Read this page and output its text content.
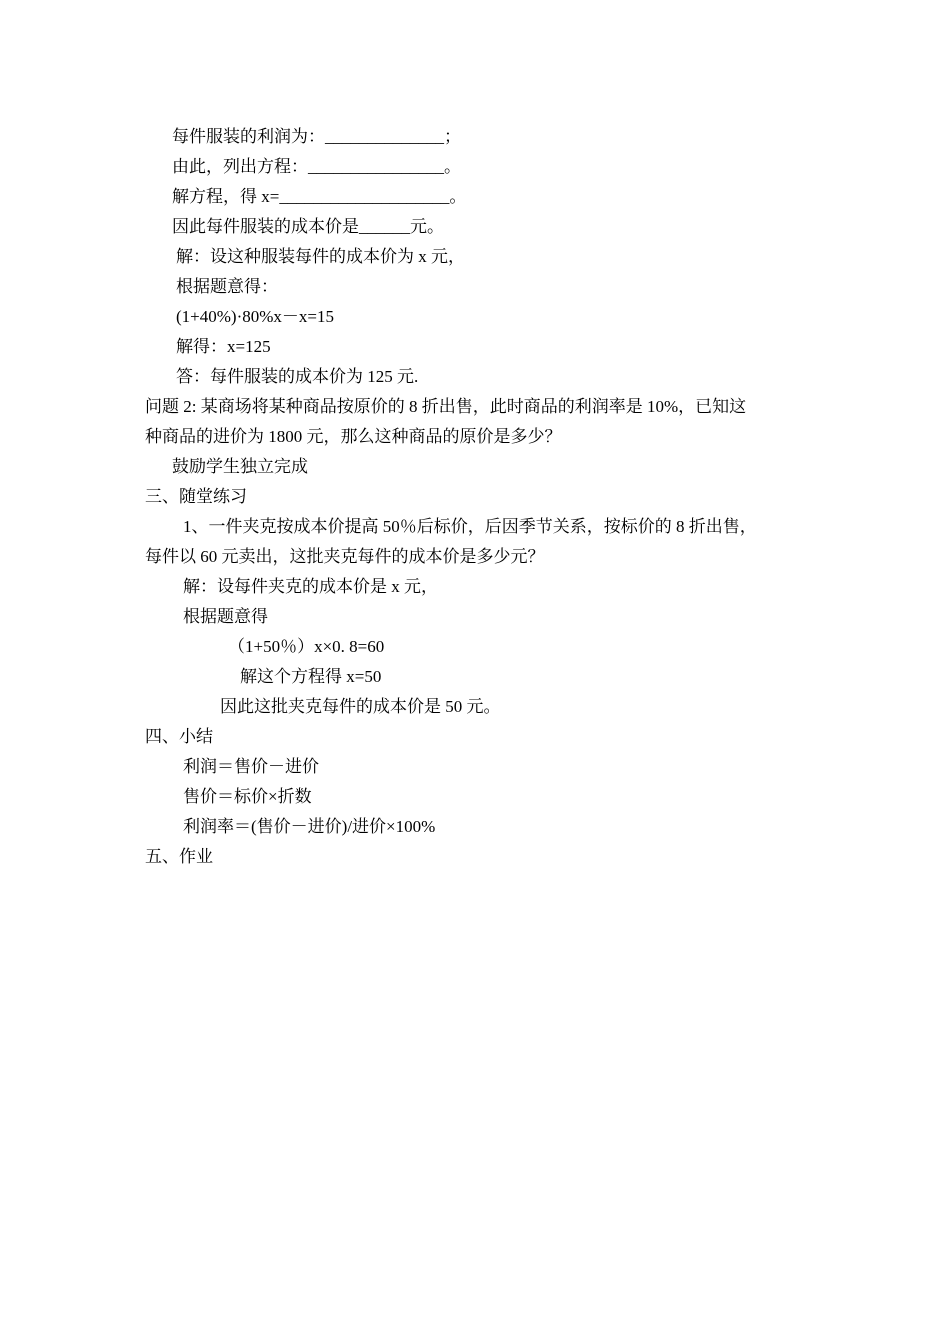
每件服装的利润为：______________；
由此，列出方程：________________。
解方程，得 x=____________________。
因此每件服装的成本价是______元。
解：设这种服装每件的成本价为 x 元，
根据题意得：
(1+40%)·80%x－x=15
解得：x=125
答：每件服装的成本价为 125 元.
问题 2: 某商场将某种商品按原价的 8 折出售，此时商品的利润率是 10%，已知这
种商品的进价为 1800 元，那么这种商品的原价是多少？
鼓励学生独立完成
三、随堂练习
1、一件夹克按成本价提高 50％后标价，后因季节关系，按标价的 8 折出售，
每件以 60 元卖出，这批夹克每件的成本价是多少元？
解：设每件夹克的成本价是 x 元，
根据题意得
（1+50％）x×0. 8=60
解这个方程得 x=50
因此这批夹克每件的成本价是 50 元。
四、小结
利润＝售价－进价
售价＝标价×折数
利润率＝(售价－进价)/进价×100%
五、作业
